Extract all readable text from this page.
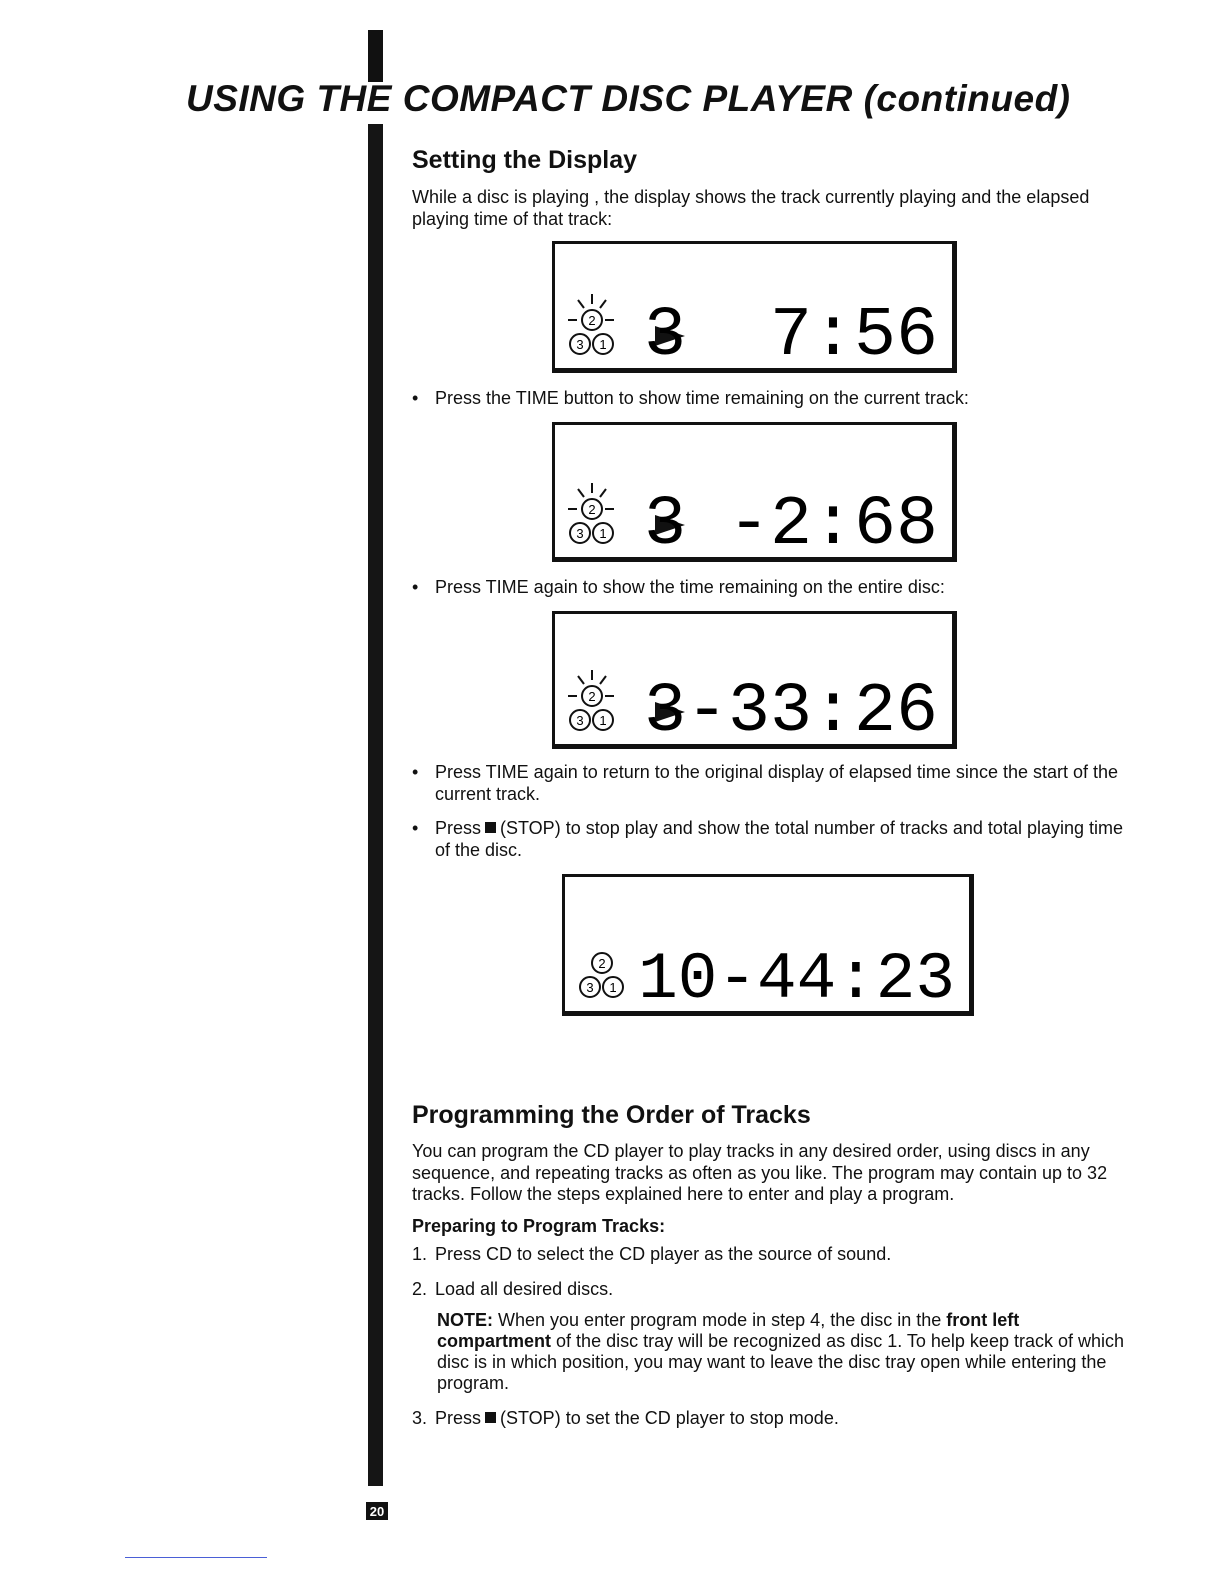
USING THE COMPACT DISC PLAYER (continued)
Setting the Display

While a disc is playing , the display shows the track currently playing and the elapsed playing time of that track:

2
3 1 3  7:56
• Press the TIME button to show time remaining on the current track:
2
3 1 3 -2:68
• Press TIME again to show the time remaining on the entire disc:
2
3 1 3-33:26
• Press TIME again to return to the original display of elapsed time since the start of the current track.
• Press (STOP) to stop play and show the total number of tracks and total playing time of the disc.
2
3 1 10-44:23
Programming the Order of Tracks

You can program the CD player to play tracks in any desired order, using discs in any sequence, and repeating tracks as often as you like. The program may contain up to 32 tracks. Follow the steps explained here to enter and play a program.

Preparing to Program Tracks:
1. Press CD to select the CD player as the source of sound.
2. Load all desired discs.
NOTE: When you enter program mode in step 4, the disc in the front left compartment of the disc tray will be recognized as disc 1. To help keep track of which disc is in which position, you may want to leave the disc tray open while entering the program.
3. Press (STOP) to set the CD player to stop mode.
20
